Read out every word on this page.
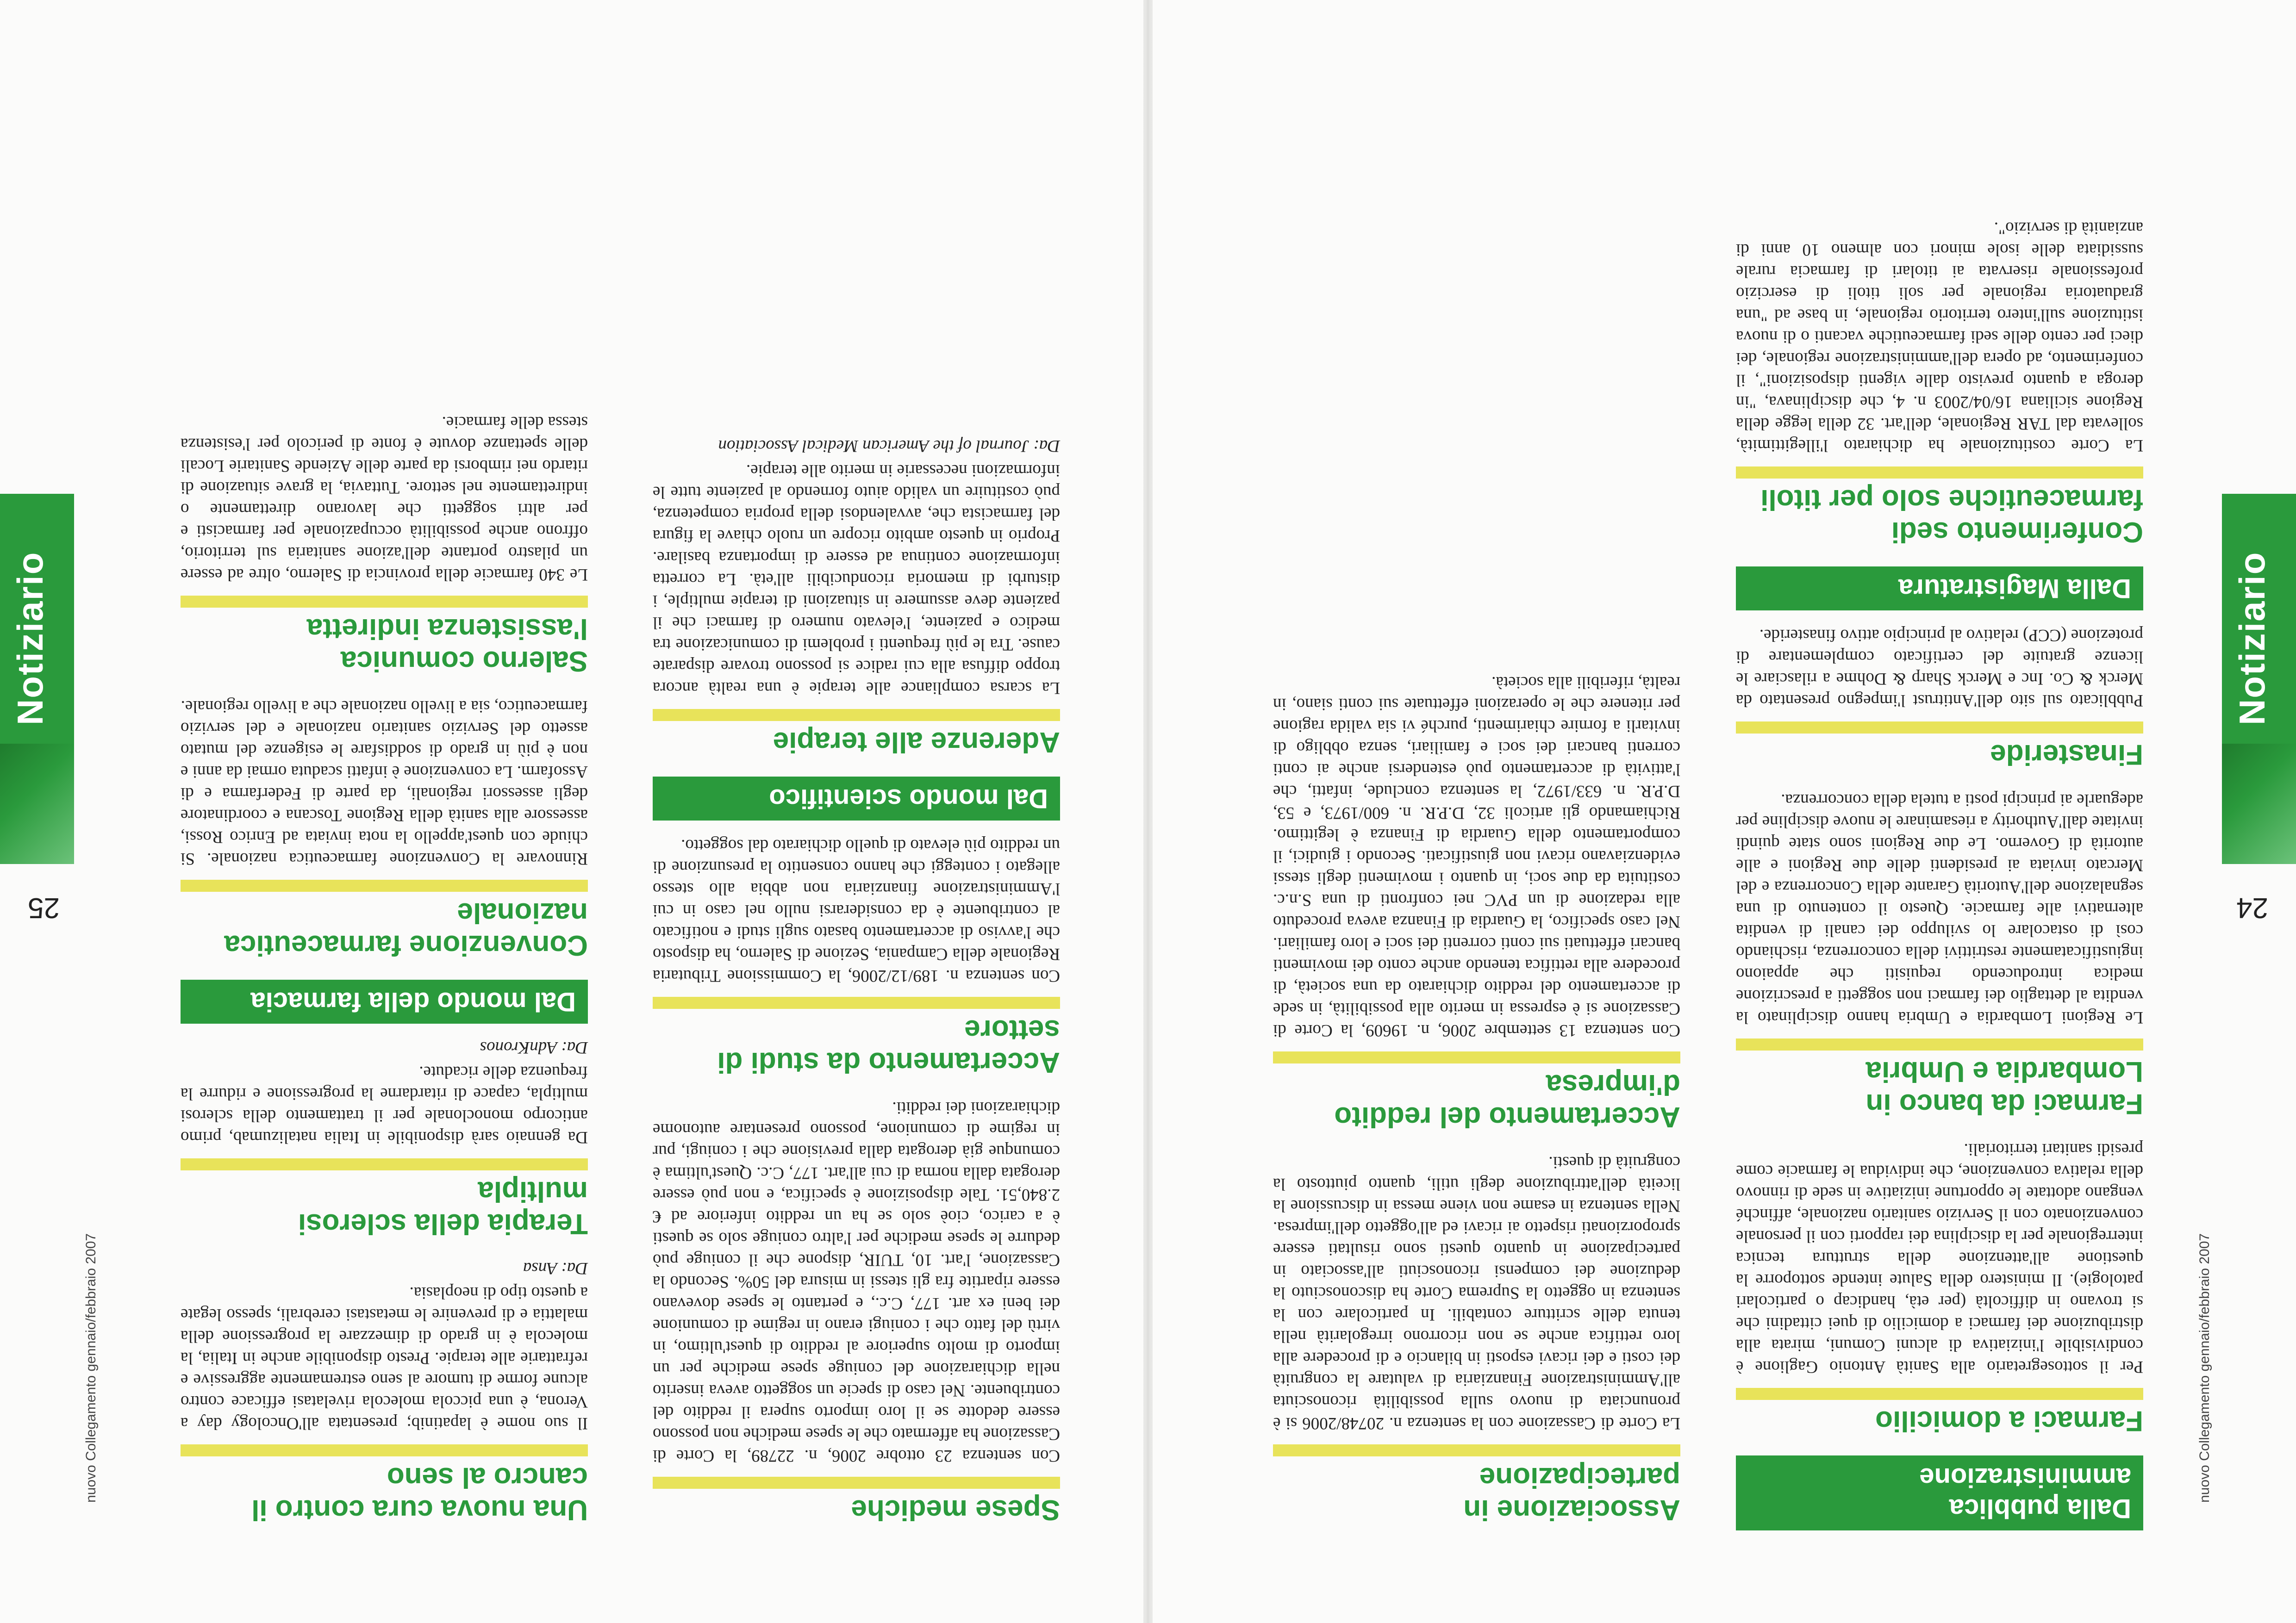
Notiziario
24
nuovo Collegamento gennaio/febbraio 2007
Dalla pubblica amministrazione
Farmaci a domicilio

Per il sottosegretario alla Sanità Antonio Gaglione è condivisibile l'iniziativa di alcuni Comuni, mirata alla distribuzione dei farmaci a domicilio di quei cittadini che si trovano in difficoltà (per età, handicap o particolari patologie). Il ministero della Salute intende sottoporre la questione all'attenzione della struttura tecnica interregionale per la disciplina dei rapporti con il personale convenzionato con il Servizio sanitario nazionale, affinché vengano adottate le opportune iniziative in sede di rinnovo della relativa convenzione, che individua le farmacie come presidi sanitari territoriali.

Farmaci da banco in Lombardia e Umbria

Le Regioni Lombardia e Umbria hanno disciplinato la vendita al dettaglio dei farmaci non soggetti a prescrizione medica introducendo requisiti che appaiono ingiustificatamente restrittivi della concorrenza, rischiando così di ostacolare lo sviluppo dei canali di vendita alternativi alle farmacie. Questo il contenuto di una segnalazione dell'Autorità Garante della Concorrenza e del Mercato inviata ai presidenti delle due Regioni e alle autorità di Governo. Le due Regioni sono state quindi invitate dall'Authority a riesaminare le nuove discipline per adeguarle ai principi posti a tutela della concorrenza.

Finasteride

Pubblicato sul sito dell'Antitrust l'impegno presentato da Merck & Co. Inc e Merck Sharp & Dohme a rilasciare le licenze gratuite del certificato complementare di protezione (CCP) relativo al principio attivo finasteride.

Dalla Magistratura
Conferimento sedi farmaceutiche solo per titoli

La Corte costituzionale ha dichiarato l'illegittimità, sollevata dal TAR Regionale, dell'art. 32 della legge della Regione siciliana 16/04/2003 n. 4, che disciplinava, "in deroga a quanto previsto dalle vigenti disposizioni", il conferimento, ad opera dell'amministrazione regionale, dei dieci per cento delle sedi farmaceutiche vacanti o di nuova istituzione sull'intero territorio regionale, in base ad "una graduatoria regionale per soli titoli di esercizio professionale riservata ai titolari di farmacia rurale sussidiata delle isole minori con almeno 10 anni di anzianità di servizio".

Associazione in partecipazione

La Corte di Cassazione con la sentenza n. 20748/2006 si è pronunciata di nuovo sulla possibilità riconosciuta all'Amministrazione Finanziaria di valutare la congruità dei costi e dei ricavi esposti in bilancio e di procedere alla loro rettifica anche se non ricorrono irregolarità nella tenuta delle scritture contabili. In particolare con la sentenza in oggetto la Suprema Corte ha disconosciuto la deduzione dei compensi riconosciuti all'associato in partecipazione in quanto questi sono risultati essere sproporzionati rispetto ai ricavi ed all'oggetto dell'impresa. Nella sentenza in esame non viene messa in discussione la liceità dell'attribuzione degli utili, quanto piuttosto la congruità di questi.

Accertamento del reddito d'impresa

Con sentenza 13 settembre 2006, n. 19609, la Corte di Cassazione si è espressa in merito alla possibilità, in sede di accertamento del reddito dichiarato da una società, di procedere alla rettifica tenendo anche conto dei movimenti bancari effettuati sui conti correnti dei soci e loro familiari. Nel caso specifico, la Guardia di Finanza aveva proceduto alla redazione di un PVC nei confronti di una S.n.c. costituita da due soci, in quanto i movimenti degli stessi evidenziavano ricavi non giustificati. Secondo i giudici, il comportamento della Guardia di Finanza è legittimo. Richiamando gli articoli 32, D.P.R. n. 600/1973, e 53, D.P.R. n. 633/1972, la sentenza conclude, infatti, che l'attività di accertamento può estendersi anche ai conti correnti bancari dei soci e familiari, senza obbligo di invitarli a fornire chiarimenti, purché vi sia valida ragione per ritenere che le operazioni effettuate sui conti siano, in realtà, riferibili alla società.

Notiziario
25
nuovo Collegamento gennaio/febbraio 2007
Spese mediche

Con sentenza 23 ottobre 2006, n. 22789, la Corte di Cassazione ha affermato che le spese mediche non possono essere dedotte se il loro importo supera il reddito del contribuente. Nel caso di specie un soggetto aveva inserito nella dichiarazione del coniuge spese mediche per un importo di molto superiore al reddito di quest'ultimo, in virtù del fatto che i coniugi erano in regime di comunione dei beni ex art. 177, C.c., e pertanto le spese dovevano essere ripartite fra gli stessi in misura del 50%. Secondo la Cassazione, l'art. 10, TUIR, dispone che il coniuge può dedurre le spese mediche per l'altro coniuge solo se questi è a carico, cioè solo se ha un reddito inferiore ad € 2.840,51. Tale disposizione è specifica, e non può essere derogata dalla norma di cui all'art. 177, C.c. Quest'ultima è comunque già derogata dalla previsione che i coniugi, pur in regime di comunione, possono presentare autonome dichiarazioni dei redditi.

Accertamento da studi di settore

Con sentenza n. 189/12/2006, la Commissione Tributaria Regionale della Campania, Sezione di Salerno, ha disposto che l'avviso di accertamento basato sugli studi e notificato al contribuente è da considerarsi nullo nel caso in cui l'Amministrazione finanziaria non abbia allo stesso allegato i conteggi che hanno consentito la presunzione di un reddito più elevato di quello dichiarato dal soggetto.

Dal mondo scientifico
Aderenze alle terapie

La scarsa compliance alle terapie è una realtà ancora troppo diffusa alla cui radice si possono trovare disparate cause. Tra le più frequenti i problemi di comunicazione tra medico e paziente, l'elevato numero di farmaci che il paziente deve assumere in situazioni di terapie multiple, i disturbi di memoria riconducibili all'età. La corretta informazione continua ad essere di importanza basilare. Proprio in questo ambito ricopre un ruolo chiave la figura del farmacista che, avvalendosi della propria competenza, può costituire un valido aiuto fornendo al paziente tutte le informazioni necessarie in merito alle terapie.

Da: Journal of the American Medical Association

Una nuova cura contro il cancro al seno

Il suo nome è lapatinib; presentata all'Oncology day a Verona, è una piccola molecola rivelatasi efficace contro alcune forme di tumore al seno estremamente aggressive e refrattarie alle terapie. Presto disponibile anche in Italia, la molecola è in grado di dimezzare la progressione della malattia e di prevenire le metastasi cerebrali, spesso legate a questo tipo di neoplasia.

Da: Ansa

Terapia della sclerosi multipla

Da gennaio sarà disponibile in Italia natalizumab, primo anticorpo monoclonale per il trattamento della sclerosi multipla, capace di ritardarne la progressione e ridurre la frequenza delle ricadute.

Da: AdnKronos

Dal mondo della farmacia
Convenzione farmaceutica nazionale

Rinnovare la Convenzione farmaceutica nazionale. Si chiude con quest'appello la nota inviata ad Enrico Rossi, assessore alla sanità della Regione Toscana e coordinatore degli assessori regionali, da parte di Federfarma e di Assofarm. La convenzione è infatti scaduta ormai da anni e non è più in grado di soddisfare le esigenze del mutato assetto del Servizio sanitario nazionale e del servizio farmaceutico, sia a livello nazionale che a livello regionale.

Salerno comunica l'assistenza indiretta

Le 340 farmacie della provincia di Salerno, oltre ad essere un pilastro portante dell'azione sanitaria sul territorio, offrono anche possibilità occupazionale per farmacisti e per altri soggetti che lavorano direttamente o indirettamente nel settore. Tuttavia, la grave situazione di ritardo nei rimborsi da parte delle Aziende Sanitarie Locali delle spettanze dovute è fonte di pericolo per l'esistenza stessa delle farmacie.
